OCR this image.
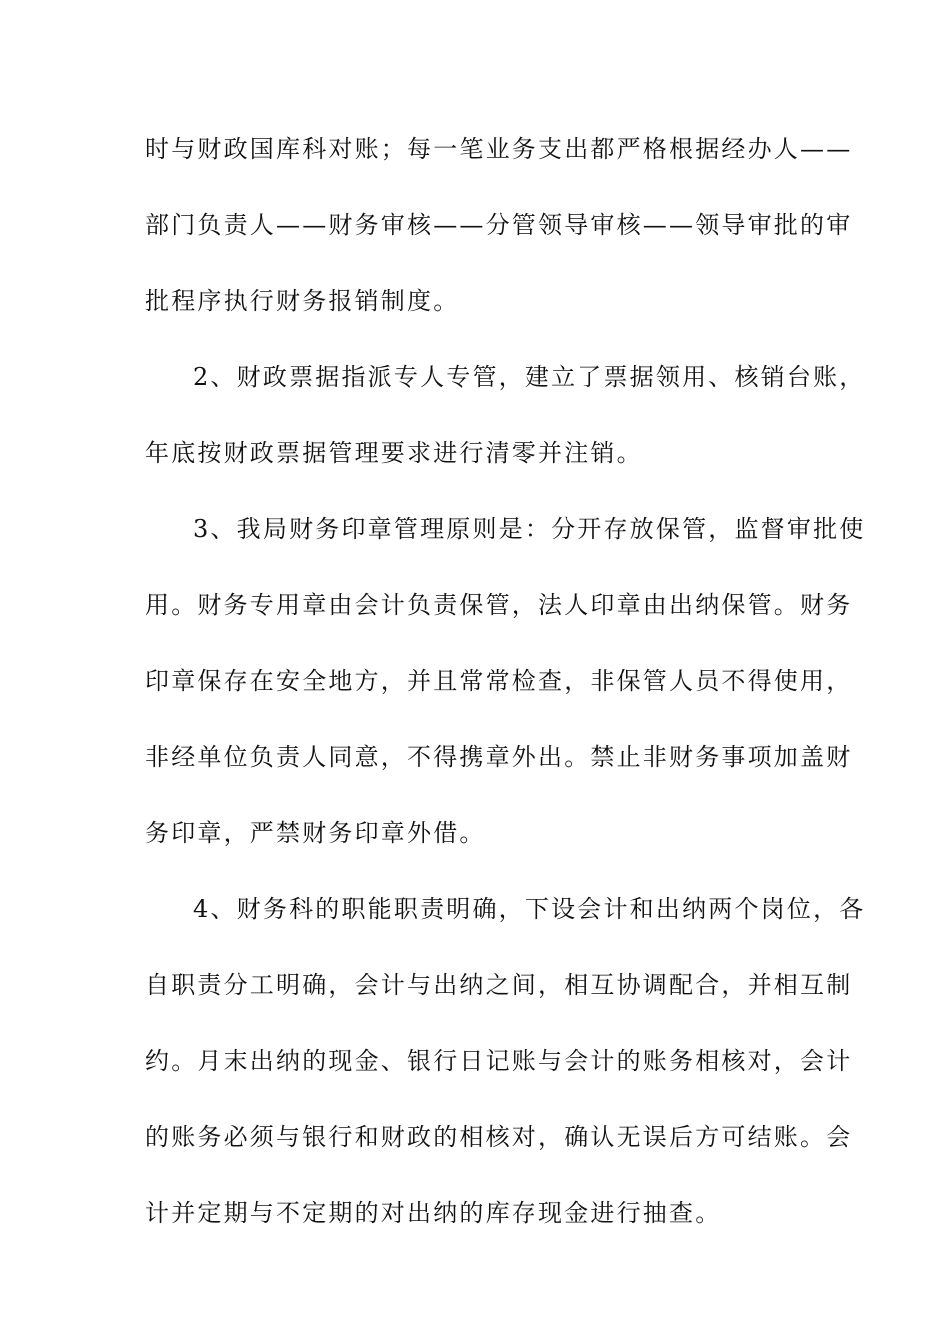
时与财政国库科对账；每一笔业务支出都严格根据经办人——
部门负责人——财务审核——分管领导审核——领导审批的审
批程序执行财务报销制度。
2、财政票据指派专人专管，建立了票据领用、核销台账，
年底按财政票据管理要求进行清零并注销。
3、我局财务印章管理原则是：分开存放保管，监督审批使
用。财务专用章由会计负责保管，法人印章由出纳保管。财务
印章保存在安全地方，并且常常检查，非保管人员不得使用，
非经单位负责人同意，不得携章外出。禁止非财务事项加盖财
务印章，严禁财务印章外借。
4、财务科的职能职责明确，下设会计和出纳两个岗位，各
自职责分工明确，会计与出纳之间，相互协调配合，并相互制
约。月末出纳的现金、银行日记账与会计的账务相核对，会计
的账务必须与银行和财政的相核对，确认无误后方可结账。会
计并定期与不定期的对出纳的库存现金进行抽查。
